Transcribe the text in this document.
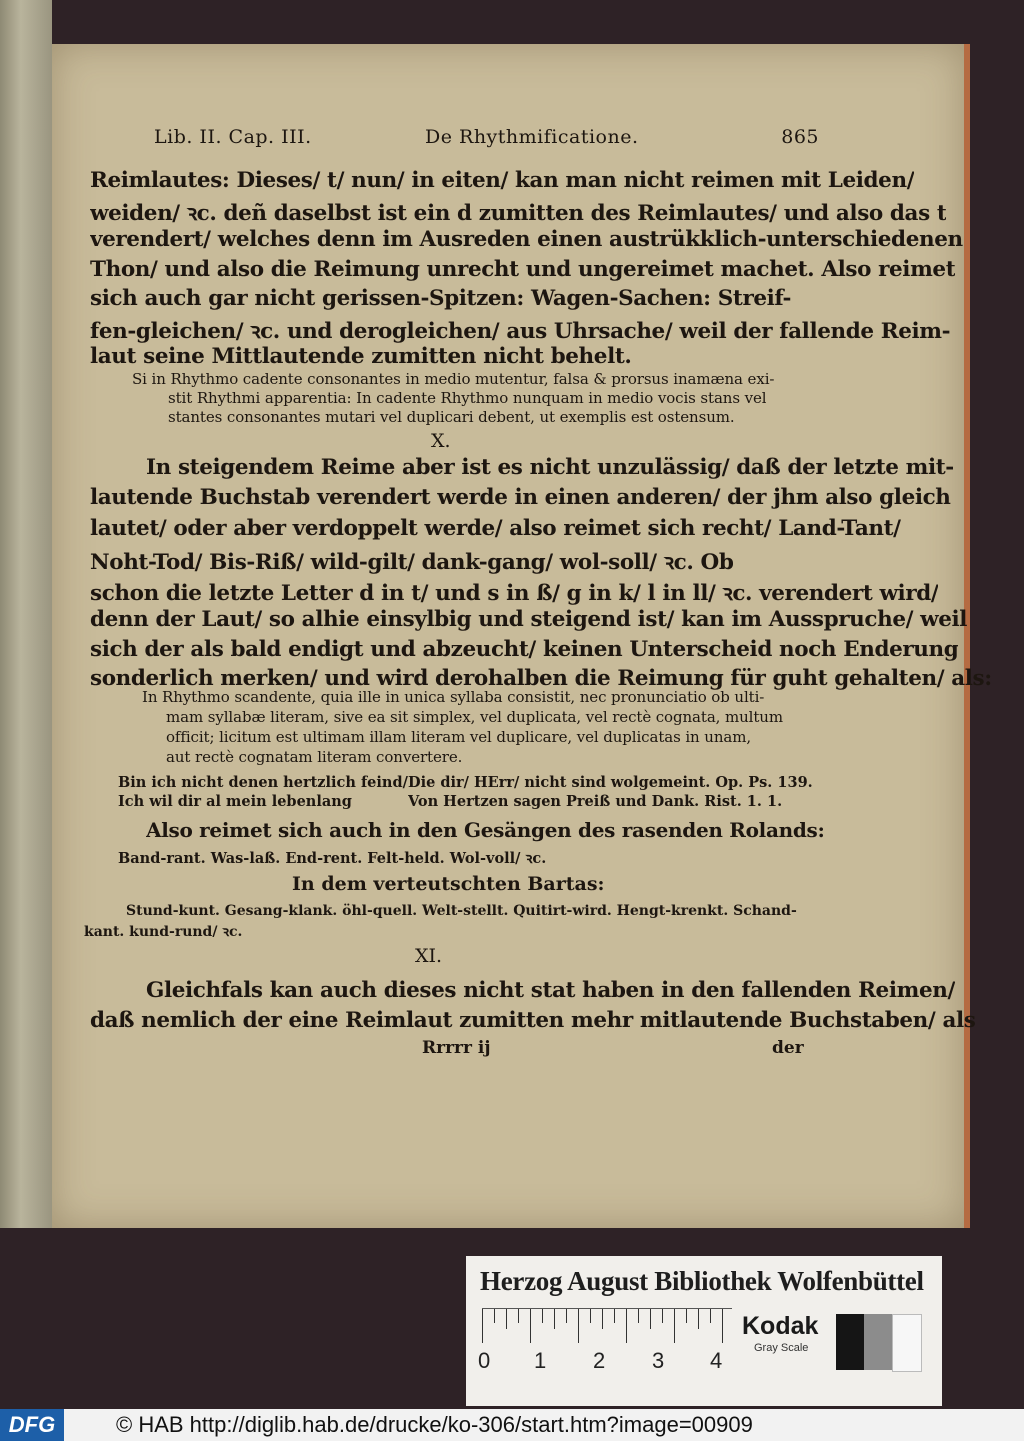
Lib. II. Cap. III.	De Rhythmificatione.	865
Reimlautes: Dieses/ t/ nun/ in eiten/ kan man nicht reimen mit Leiden/
weiden/ ꝛc. deñ daselbst ist ein d zumitten des Reimlautes/ und also das t
verendert/ welches denn im Ausreden einen austrükklich-unterschiedenen
Thon/ und also die Reimung unrecht und ungereimet machet. Also reimet
sich auch gar nicht gerissen-Spitzen: Wagen-Sachen: Streif-
fen-gleichen/ ꝛc. und derogleichen/ aus Uhrsache/ weil der fallende Reim-
laut seine Mittlautende zumitten nicht behelt.
Si in Rhythmo cadente consonantes in medio mutentur, falsa & prorsus inamæna exi-
stit Rhythmi apparentia: In cadente Rhythmo nunquam in medio vocis stans vel
stantes consonantes mutari vel duplicari debent, ut exemplis est ostensum.
X.
In steigendem Reime aber ist es nicht unzulässig/ daß der letzte mit-
lautende Buchstab verendert werde in einen anderen/ der jhm also gleich
lautet/ oder aber verdoppelt werde/ also reimet sich recht/ Land-Tant/
Noht-Tod/ Bis-Riß/ wild-gilt/ dank-gang/ wol-soll/ ꝛc. Ob
schon die letzte Letter d in t/ und s in ß/ g in k/ l in ll/ ꝛc. verendert wird/
denn der Laut/ so alhie einsylbig und steigend ist/ kan im Ausspruche/ weil
sich der als bald endigt und abzeucht/ keinen Unterscheid noch Enderung
sonderlich merken/ und wird derohalben die Reimung für guht gehalten/ als:
In Rhythmo scandente, quia ille in unica syllaba consistit, nec pronunciatio ob ulti-
mam syllabæ literam, sive ea sit simplex, vel duplicata, vel rectè cognata, multum
officit; licitum est ultimam illam literam vel duplicare, vel duplicatas in unam,
aut rectè cognatam literam convertere.
Bin ich nicht denen hertzlich feind/ Die dir/ HErr/ nicht sind wolgemeint. Op. Ps. 139.
Ich wil dir al mein lebenlang	Von Hertzen sagen Preiß und Dank. Rist. 1. 1.
Also reimet sich auch in den Gesängen des rasenden Rolands:
Band-rant. Was-laß. End-rent. Felt-held. Wol-voll/ ꝛc.
In dem verteutschten Bartas:
Stund-kunt. Gesang-klank. öhl-quell. Welt-stellt. Quitirt-wird. Hengt-krenkt. Schand-
kant. kund-rund/ ꝛc.
XI.
Gleichfals kan auch dieses nicht stat haben in den fallenden Reimen/
daß nemlich der eine Reimlaut zumitten mehr mitlautende Buchstaben/ als
Rrrrr ij	der
Herzog August Bibliothek Wolfenbüttel
0 1 2 3 4
Kodak
Gray Scale
DFG	© HAB http://diglib.hab.de/drucke/ko-306/start.htm?image=00909
